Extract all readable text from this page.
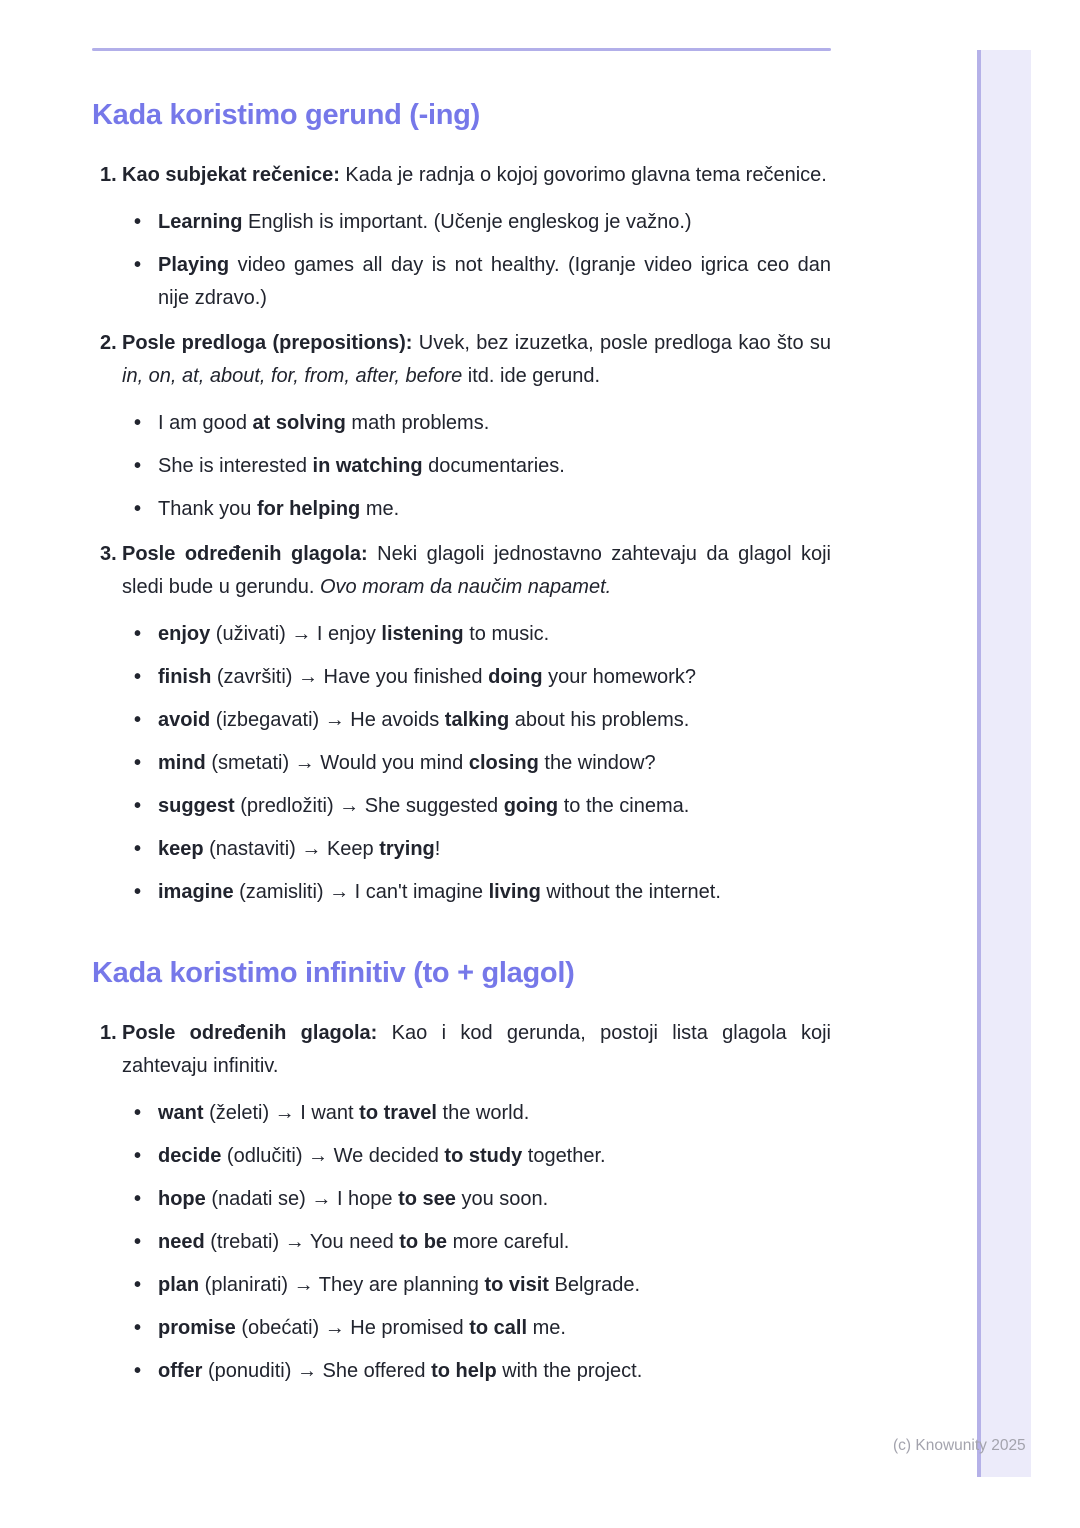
Kada koristimo gerund (-ing)
1. Kao subjekat rečenice: Kada je radnja o kojoj govorimo glavna tema rečenice.

• Learning English is important. (Učenje engleskog je važno.)
• Playing video games all day is not healthy. (Igranje video igrica ceo dan nije zdravo.)
2. Posle predloga (prepositions): Uvek, bez izuzetka, posle predloga kao što su in, on, at, about, for, from, after, before itd. ide gerund.

• I am good at solving math problems.
• She is interested in watching documentaries.
• Thank you for helping me.
3. Posle određenih glagola: Neki glagoli jednostavno zahtevaju da glagol koji sledi bude u gerundu. Ovo moram da naučim napamet.

• enjoy (uživati) → I enjoy listening to music.
• finish (završiti) → Have you finished doing your homework?
• avoid (izbegavati) → He avoids talking about his problems.
• mind (smetati) → Would you mind closing the window?
• suggest (predložiti) → She suggested going to the cinema.
• keep (nastaviti) → Keep trying!
• imagine (zamisliti) → I can't imagine living without the internet.
Kada koristimo infinitiv (to + glagol)
1. Posle određenih glagola: Kao i kod gerunda, postoji lista glagola koji zahtevaju infinitiv.

• want (želeti) → I want to travel the world.
• decide (odlučiti) → We decided to study together.
• hope (nadati se) → I hope to see you soon.
• need (trebati) → You need to be more careful.
• plan (planirati) → They are planning to visit Belgrade.
• promise (obećati) → He promised to call me.
• offer (ponuditi) → She offered to help with the project.
(c) Knowunity 2025
